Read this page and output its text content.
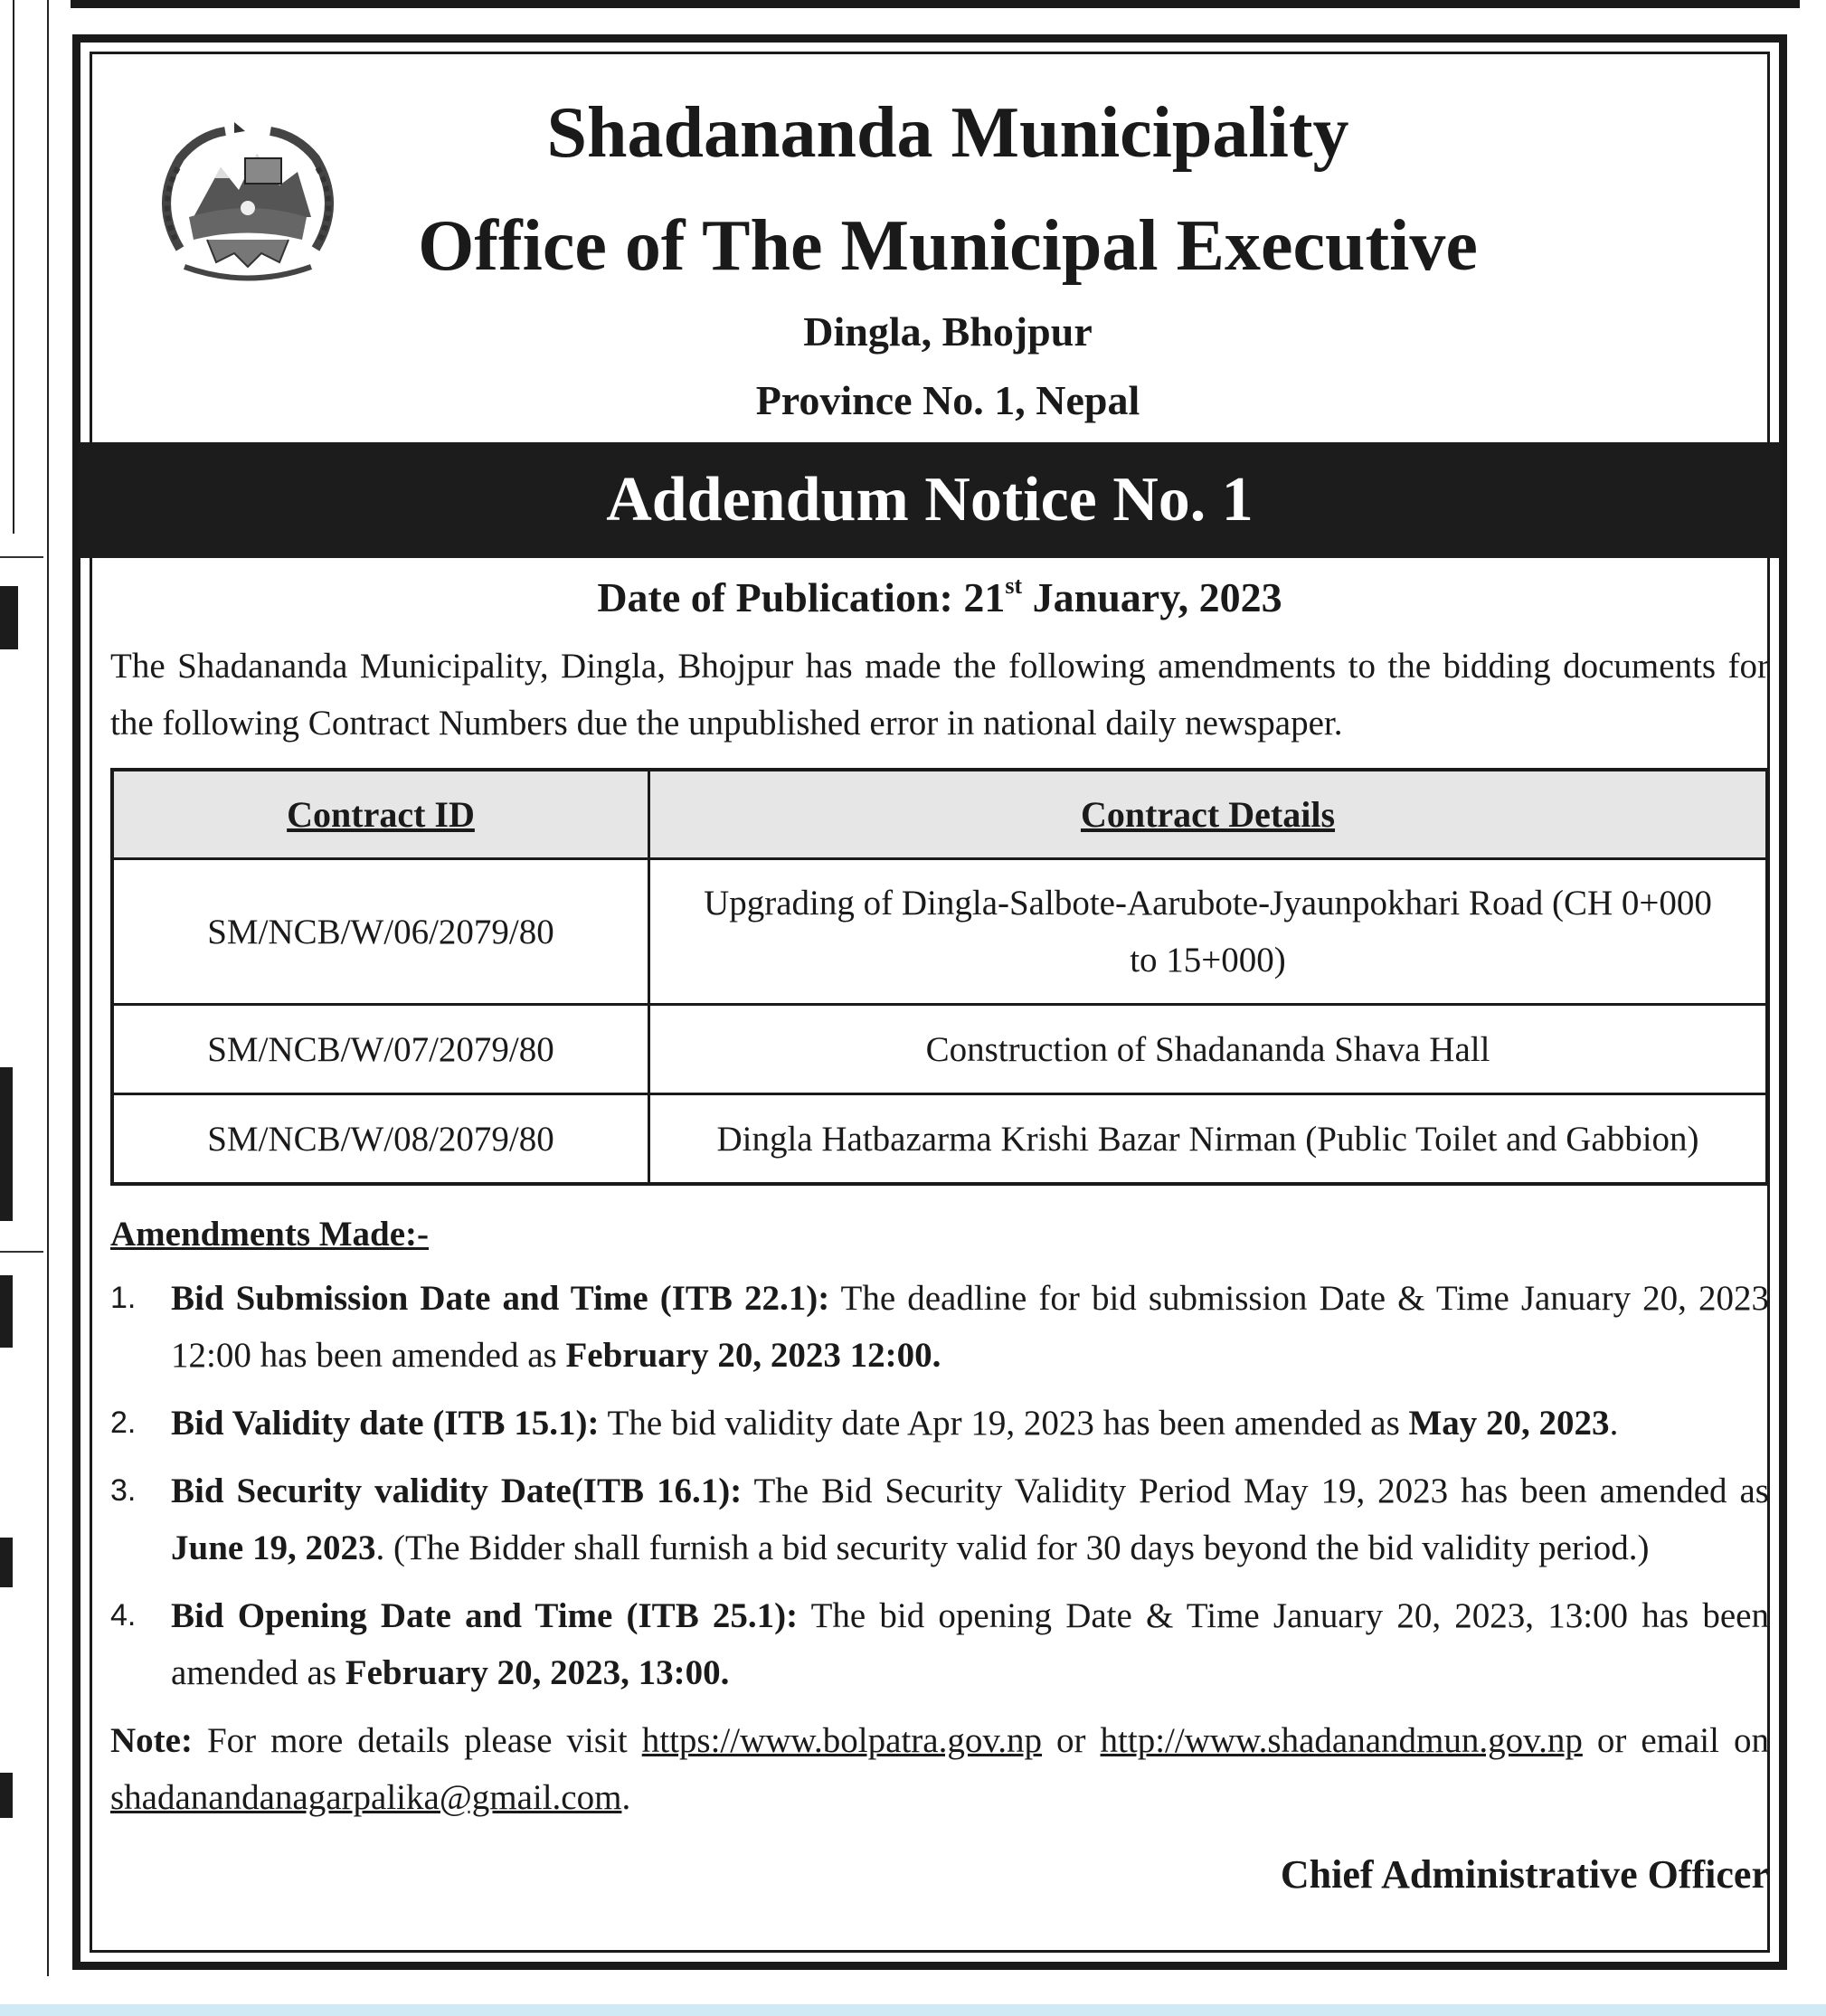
Shadananda Municipality
Office of The Municipal Executive
Dingla, Bhojpur
Province No. 1, Nepal
Addendum Notice No. 1

Date of Publication: 21st January, 2023

The Shadananda Municipality, Dingla, Bhojpur has made the following amendments to the bidding documents for the following Contract Numbers due the unpublished error in national daily newspaper.

Contract ID	Contract Details
SM/NCB/W/06/2079/80	Upgrading of Dingla-Salbote-Aarubote-Jyaunpokhari Road (CH 0+000 to 15+000)
SM/NCB/W/07/2079/80	Construction of Shadananda Shava Hall
SM/NCB/W/08/2079/80	Dingla Hatbazarma Krishi Bazar Nirman (Public Toilet and Gabbion)
Amendments Made:-
1. Bid Submission Date and Time (ITB 22.1): The deadline for bid submission Date & Time January 20, 2023 12:00 has been amended as February 20, 2023 12:00.
2. Bid Validity date (ITB 15.1): The bid validity date Apr 19, 2023 has been amended as May 20, 2023.
3. Bid Security validity Date(ITB 16.1): The Bid Security Validity Period May 19, 2023 has been amended as June 19, 2023. (The Bidder shall furnish a bid security valid for 30 days beyond the bid validity period.)
4. Bid Opening Date and Time (ITB 25.1): The bid opening Date & Time January 20, 2023, 13:00 has been amended as February 20, 2023, 13:00.
Note: For more details please visit https://www.bolpatra.gov.np or http://www.shadanandmun.gov.np or email on shadanandanagarpalika@gmail.com.
Chief Administrative Officer
